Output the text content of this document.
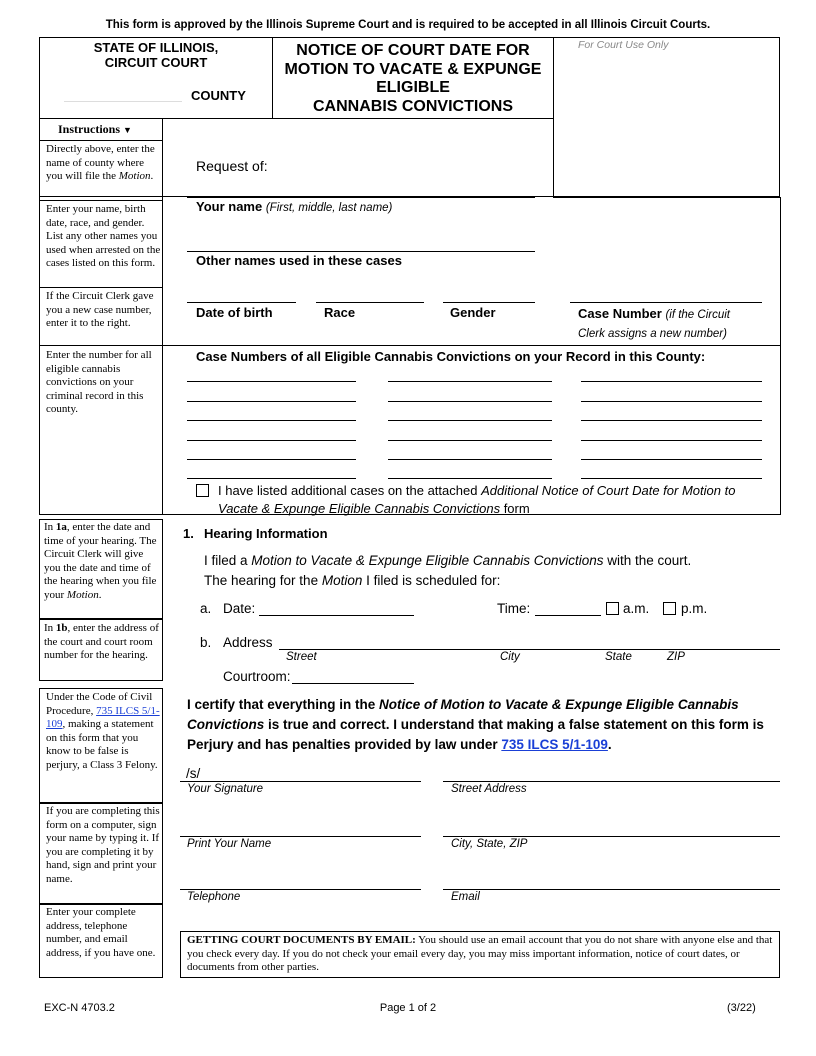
This form is approved by the Illinois Supreme Court and is required to be accepted in all Illinois Circuit Courts.
STATE OF ILLINOIS,
CIRCUIT COURT
COUNTY
NOTICE OF COURT DATE FOR
MOTION TO VACATE & EXPUNGE
ELIGIBLE
CANNABIS CONVICTIONS
For Court Use Only
Instructions ▼
Directly above, enter the name of county where you will file the Motion.
Enter your name, birth date, race, and gender. List any other names you used when arrested on the cases listed on this form.
If the Circuit Clerk gave you a new case number, enter it to the right.
Enter the number for all eligible cannabis convictions on your criminal record in this county.
Request of:
Your name (First, middle, last name)
Other names used in these cases
Date of birth	Race	Gender	Case Number (if the Circuit
Clerk assigns a new number)
Case Numbers of all Eligible Cannabis Convictions on your Record in this County:
I have listed additional cases on the attached Additional Notice of Court Date for Motion to Vacate & Expunge Eligible Cannabis Convictions form
In 1a, enter the date and time of your hearing. The Circuit Clerk will give you the date and time of the hearing when you file your Motion.
In 1b, enter the address of the court and court room number for the hearing.
Under the Code of Civil Procedure, 735 ILCS 5/1-109, making a statement on this form that you know to be false is perjury, a Class 3 Felony.
If you are completing this form on a computer, sign your name by typing it. If you are completing it by hand, sign and print your name.
Enter your complete address, telephone number, and email address, if you have one.
1. Hearing Information
I filed a Motion to Vacate & Expunge Eligible Cannabis Convictions with the court.
The hearing for the Motion I filed is scheduled for:
a. Date:	Time:	a.m. p.m.
b. Address
Street	City	State	ZIP
Courtroom:
I certify that everything in the Notice of Motion to Vacate & Expunge Eligible Cannabis Convictions is true and correct. I understand that making a false statement on this form is Perjury and has penalties provided by law under 735 ILCS 5/1-109.
/s/
Your Signature	Street Address
Print Your Name	City, State, ZIP
Telephone	Email
GETTING COURT DOCUMENTS BY EMAIL: You should use an email account that you do not share with anyone else and that you check every day. If you do not check your email every day, you may miss important information, notice of court dates, or documents from other parties.
EXC-N 4703.2	Page 1 of 2	(3/22)
